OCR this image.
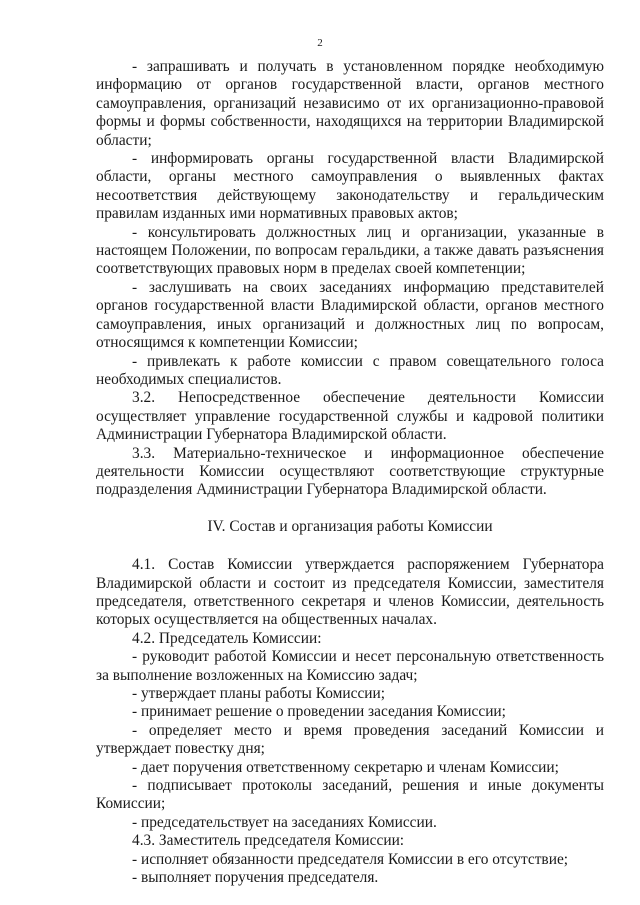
2

- запрашивать и получать в установленном порядке необходимую информацию от органов государственной власти, органов местного самоуправления, организаций независимо от их организационно-правовой формы и формы собственности, находящихся на территории Владимирской области;

- информировать органы государственной власти Владимирской области, органы местного самоуправления о выявленных фактах несоответствия действующему законодательству и геральдическим правилам изданных ими нормативных правовых актов;

- консультировать должностных лиц и организации, указанные в настоящем Положении, по вопросам геральдики, а также давать разъяснения соответствующих правовых норм в пределах своей компетенции;

- заслушивать на своих заседаниях информацию представителей органов государственной власти Владимирской области, органов местного самоуправления, иных организаций и должностных лиц по вопросам, относящимся к компетенции Комиссии;

- привлекать к работе комиссии с правом совещательного голоса необходимых специалистов.

3.2. Непосредственное обеспечение деятельности Комиссии осуществляет управление государственной службы и кадровой политики Администрации Губернатора Владимирской области.

3.3. Материально-техническое и информационное обеспечение деятельности Комиссии осуществляют соответствующие структурные подразделения Администрации Губернатора Владимирской области.

IV. Состав и организация работы Комиссии

4.1. Состав Комиссии утверждается распоряжением Губернатора Владимирской области и состоит из председателя Комиссии, заместителя председателя, ответственного секретаря и членов Комиссии, деятельность которых осуществляется на общественных началах.

4.2. Председатель Комиссии:

- руководит работой Комиссии и несет персональную ответственность за выполнение возложенных на Комиссию задач;

- утверждает планы работы Комиссии;

- принимает решение о проведении заседания Комиссии;

- определяет место и время проведения заседаний Комиссии и утверждает повестку дня;

- дает поручения ответственному секретарю и членам Комиссии;

- подписывает протоколы заседаний, решения и иные документы Комиссии;

- председательствует на заседаниях Комиссии.

4.3. Заместитель председателя Комиссии:

- исполняет обязанности председателя Комиссии в его отсутствие;

- выполняет поручения председателя.
